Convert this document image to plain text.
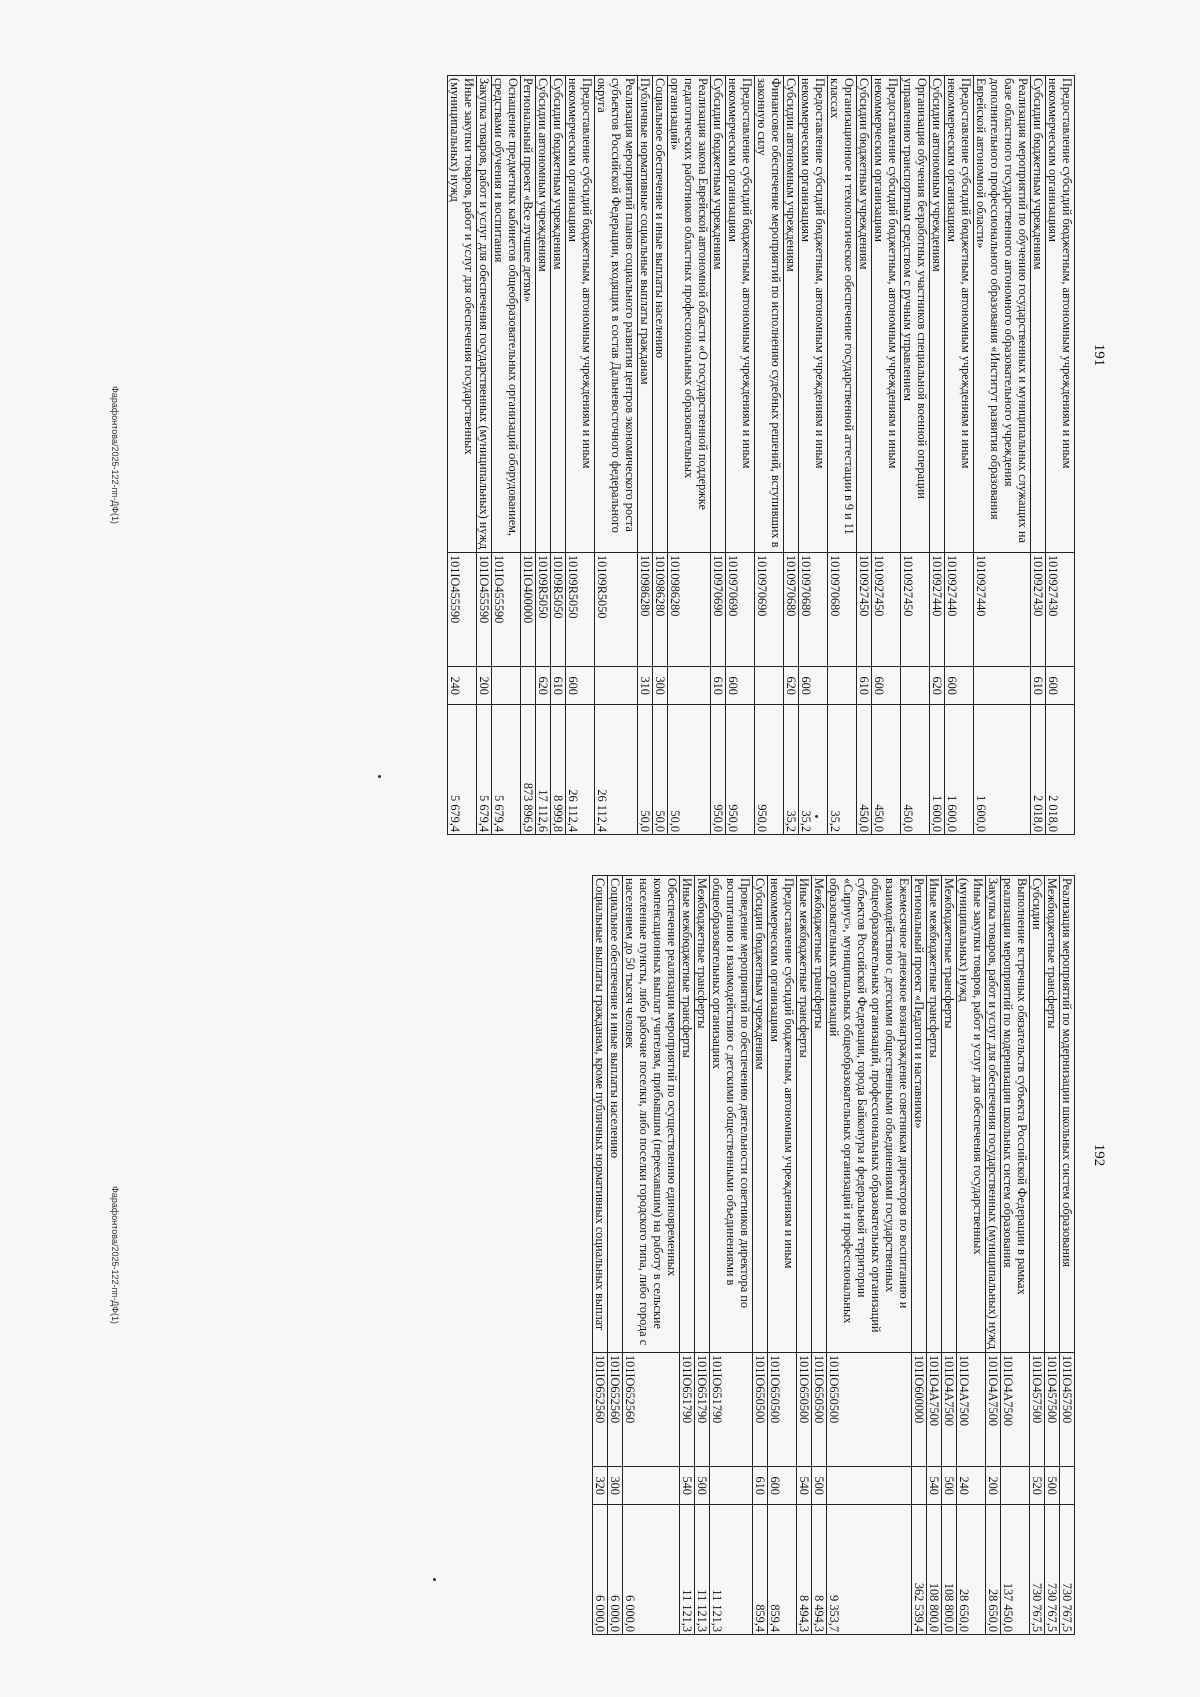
191
Предоставление субсидий бюджетным, автономным учреждениям и иным некоммерческим организациям	1010927430	600	2 018,0
Субсидии бюджетным учреждениям	1010927430	610	2 018,0
Реализация мероприятий по обучению государственных и муниципальных служащих на базе областного государственного автономного образовательного учреждения дополнительного профессионального образования «Институт развития образования Еврейской автономной области»	1010927440		1 600,0
Предоставление субсидий бюджетным, автономным учреждениям и иным некоммерческим организациям	1010927440	600	1 600,0
Субсидии автономным учреждениям	1010927440	620	1 600,0
Организация обучения безработных участников специальной военной операции управлению транспортным средством с ручным управлением	1010927450		450,0
Предоставление субсидий бюджетным, автономным учреждениям и иным некоммерческим организациям	1010927450	600	450,0
Субсидии бюджетным учреждениям	1010927450	610	450,0
Организационное и технологическое обеспечение государственной аттестации в 9 и 11 классах	1010970680		35,2
Предоставление субсидий бюджетным, автономным учреждениям и иным некоммерческим организациям	1010970680	600	35,2
Субсидии автономным учреждениям	1010970680	620	35,2
Финансовое обеспечение мероприятий по исполнению судебных решений, вступивших в законную силу	1010970690		950,0
Предоставление субсидий бюджетным, автономным учреждениям и иным некоммерческим организациям	1010970690	600	950,0
Субсидии бюджетным учреждениям	1010970690	610	950,0
Реализация закона Еврейской автономной области «О государственной поддержке педагогических работников областных профессиональных образовательных организаций»	1010986280		50,0
Социальное обеспечение и иные выплаты населению	1010986280	300	50,0
Публичные нормативные социальные выплаты гражданам	1010986280	310	50,0
Реализация мероприятий планов социального развития центров экономического роста субъектов Российской Федерации, входящих в состав Дальневосточного федерального округа	10109R5050		26 112,4
Предоставление субсидий бюджетным, автономным учреждениям и иным некоммерческим организациям	10109R5050	600	26 112,4
Субсидии бюджетным учреждениям	10109R5050	610	8 999,8
Субсидии автономным учреждениям	10109R5050	620	17 112,6
Региональный проект «Все лучшее детям»	101IO400000		873 896,9
Оснащение предметных кабинетов общеобразовательных организаций оборудованием, средствами обучения и воспитания	101IO455590		5 679,4
Закупка товаров, работ и услуг для обеспечения государственных (муниципальных) нужд	101IO455590	200	5 679,4
Иные закупки товаров, работ и услуг для обеспечения государственных (муниципальных) нужд	101IO455590	240	5 679,4
Фарафонтова/2025-122-пп-ДФ(1)
192
Реализация мероприятий по модернизации школьных систем образования	101IO457500		730 767,5
Межбюджетные трансферты	101IO457500	500	730 767,5
Субсидии	101IO457500	520	730 767,5
Выполнение встречных обязательств субъекта Российской Федерации в рамках реализации мероприятий по модернизации школьных систем образования	101IO4A7500		137 450,0
Закупка товаров, работ и услуг для обеспечения государственных (муниципальных) нужд	101IO4A7500	200	28 650,0
Иные закупки товаров, работ и услуг для обеспечения государственных (муниципальных) нужд	101IO4A7500	240	28 650,0
Межбюджетные трансферты	101IO4A7500	500	108 800,0
Иные межбюджетные трансферты	101IO4A7500	540	108 800,0
Региональный проект «Педагоги и наставники»	101IO600000		362 539,4
Ежемесячное денежное вознаграждение советникам директоров по воспитанию и взаимодействию с детскими общественными объединениями государственных общеобразовательных организаций, профессиональных образовательных организаций субъектов Российской Федерации, города Байконура и федеральной территории «Сириус», муниципальных общеобразовательных организаций и профессиональных образовательных организаций	101IO650500		9 353,7
Межбюджетные трансферты	101IO650500	500	8 494,3
Иные межбюджетные трансферты	101IO650500	540	8 494,3
Предоставление субсидий бюджетным, автономным учреждениям и иным некоммерческим организациям	101IO650500	600	859,4
Субсидии бюджетным учреждениям	101IO650500	610	859,4
Проведение мероприятий по обеспечению деятельности советников директора по воспитанию и взаимодействию с детскими общественными объединениями в общеобразовательных организациях	101IO651790		11 121,3
Межбюджетные трансферты	101IO651790	500	11 121,3
Иные межбюджетные трансферты	101IO651790	540	11 121,3
Обеспечение реализации мероприятий по осуществлению единовременных компенсационных выплат учителям, прибывшим (переехавшим) на работу в сельские населенные пункты, либо рабочие поселки, либо поселки городского типа, либо города с населением до 50 тысяч человек	101IO652560		6 000,0
Социальное обеспечение и иные выплаты населению	101IO652560	300	6 000,0
Социальные выплаты гражданам, кроме публичных нормативных социальных выплат	101IO652560	320	6 000,0
Фарафонтова/2025-122-пп-ДФ(1)
